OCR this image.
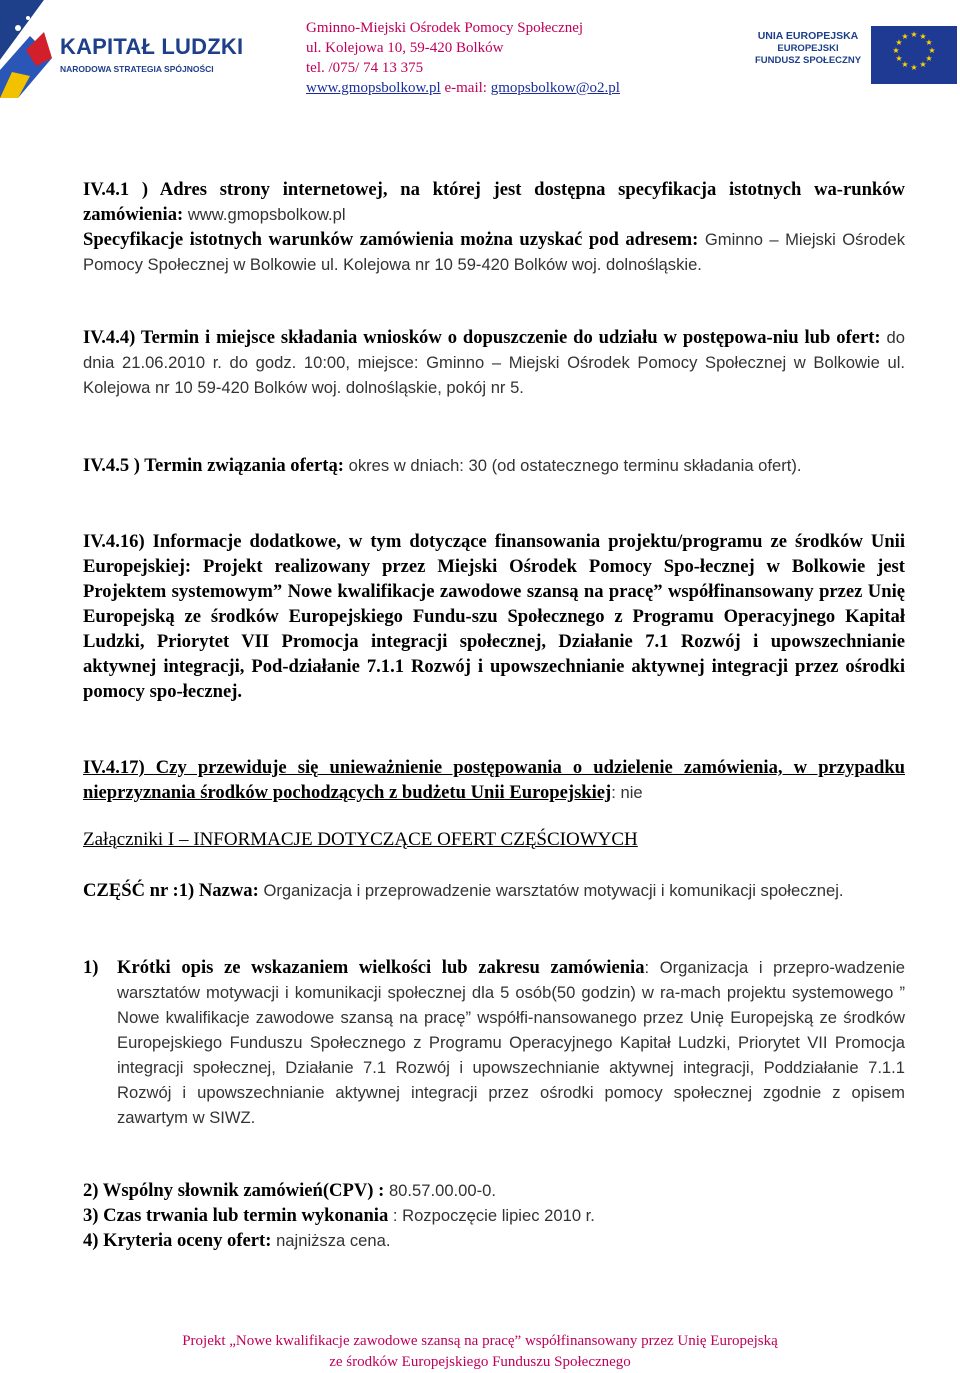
KAPITAŁ LUDZKI
NARODOWA STRATEGIA SPÓJNOŚCI
Gminno-Miejski Ośrodek Pomocy Społecznej
ul. Kolejowa 10, 59-420 Bolków
tel. /075/ 74 13 375
www.gmopsbolkow.pl e-mail: gmopsbolkow@o2.pl
UNIA EUROPEJSKA
EUROPEJSKI
FUNDUSZ SPOŁECZNY
★ ★
★
★
★
★
★
★
★
★
★
★
IV.4.1 ) Adres strony internetowej, na której jest dostępna specyfikacja istotnych wa-runków zamówienia: www.gmopsbolkow.pl
Specyfikacje istotnych warunków zamówienia można uzyskać pod adresem: Gminno – Miejski Ośrodek Pomocy Społecznej w Bolkowie ul. Kolejowa nr 10 59-420 Bolków woj. dolnośląskie.
IV.4.4) Termin i miejsce składania wniosków o dopuszczenie do udziału w postępowa-niu lub ofert: do dnia 21.06.2010 r. do godz. 10:00, miejsce: Gminno – Miejski Ośrodek Pomocy Społecznej w Bolkowie ul. Kolejowa nr 10 59-420 Bolków woj. dolnośląskie, pokój nr 5.
IV.4.5 ) Termin związania ofertą: okres w dniach: 30 (od ostatecznego terminu składania ofert).
IV.4.16) Informacje dodatkowe, w tym dotyczące finansowania projektu/programu ze środków Unii Europejskiej: Projekt realizowany przez Miejski Ośrodek Pomocy Spo-łecznej w Bolkowie jest Projektem systemowym” Nowe kwalifikacje zawodowe szansą na pracę” współfinansowany przez Unię Europejską ze środków Europejskiego Fundu-szu Społecznego z Programu Operacyjnego Kapitał Ludzki, Priorytet VII Promocja integracji społecznej, Działanie 7.1 Rozwój i upowszechnianie aktywnej integracji, Pod-działanie 7.1.1 Rozwój i upowszechnianie aktywnej integracji przez ośrodki pomocy spo-łecznej.
IV.4.17) Czy przewiduje się unieważnienie postępowania o udzielenie zamówienia, w przypadku nieprzyznania środków pochodzących z budżetu Unii Europejskiej: nie
Załączniki I – INFORMACJE DOTYCZĄCE OFERT CZĘŚCIOWYCH
CZĘŚĆ nr :1) Nazwa: Organizacja i przeprowadzenie warsztatów motywacji i komunikacji społecznej.
1) Krótki opis ze wskazaniem wielkości lub zakresu zamówienia: Organizacja i przepro-wadzenie warsztatów motywacji i komunikacji społecznej dla 5 osób(50 godzin) w ra-mach projektu systemowego ” Nowe kwalifikacje zawodowe szansą na pracę” współfi-nansowanego przez Unię Europejską ze środków Europejskiego Funduszu Społecznego z Programu Operacyjnego Kapitał Ludzki, Priorytet VII Promocja integracji społecznej, Działanie 7.1 Rozwój i upowszechnianie aktywnej integracji, Poddziałanie 7.1.1 Rozwój i upowszechnianie aktywnej integracji przez ośrodki pomocy społecznej zgodnie z opisem zawartym w SIWZ.
2) Wspólny słownik zamówień(CPV) : 80.57.00.00-0.
3) Czas trwania lub termin wykonania : Rozpoczęcie lipiec 2010 r.
4) Kryteria oceny ofert: najniższa cena.
Projekt „Nowe kwalifikacje zawodowe szansą na pracę” współfinansowany przez Unię Europejską
ze środków Europejskiego Funduszu Społecznego
